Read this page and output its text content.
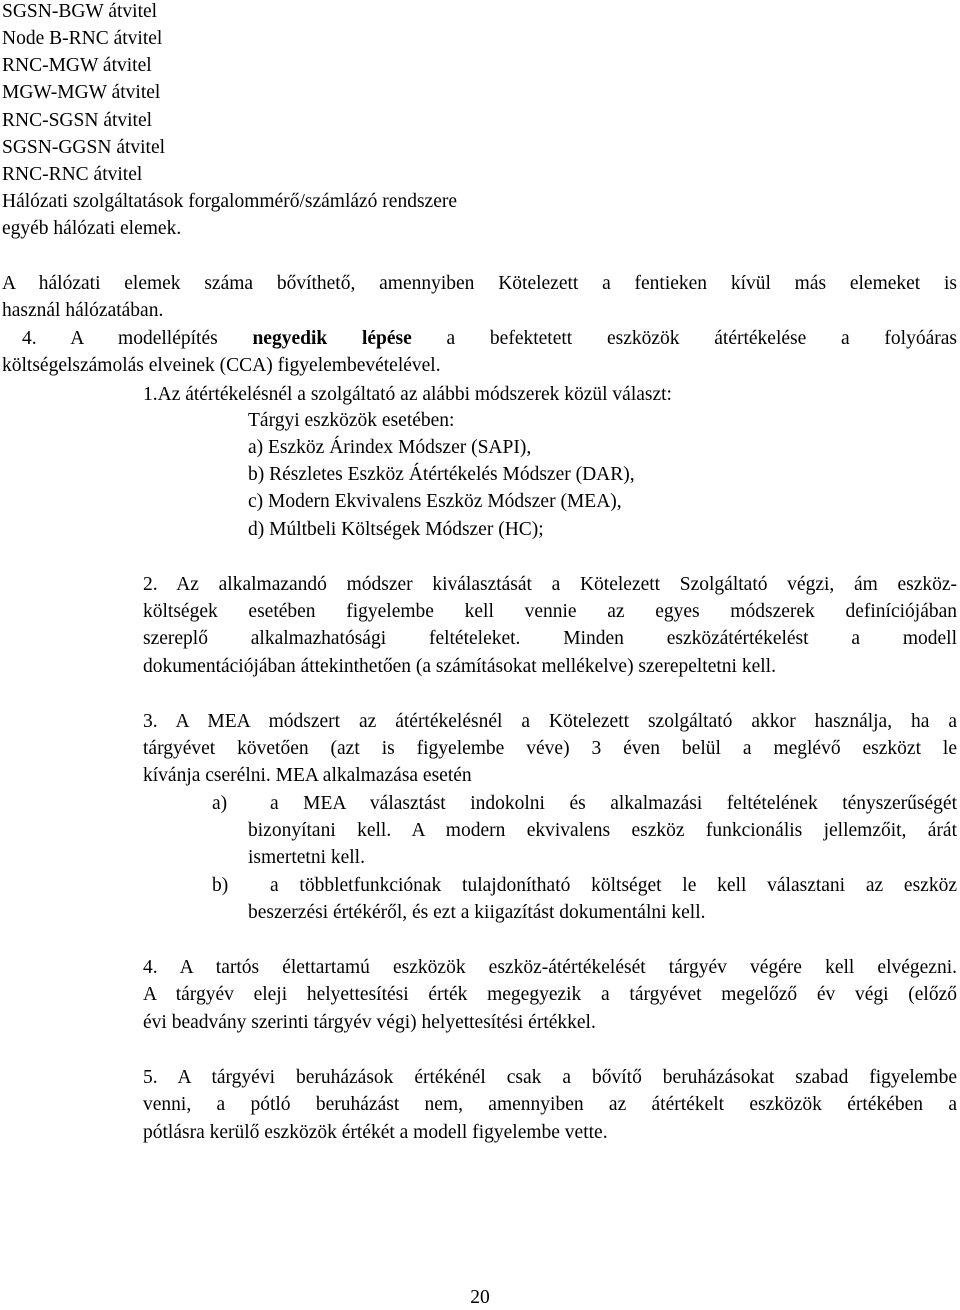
SGSN-BGW átvitel
Node B-RNC átvitel
RNC-MGW átvitel
MGW-MGW átvitel
RNC-SGSN átvitel
SGSN-GGSN átvitel
RNC-RNC átvitel
Hálózati szolgáltatások forgalommérő/számlázó rendszere
egyéb hálózati elemek.
A hálózati elemek száma bővíthető, amennyiben Kötelezett a fentieken kívül más elemeket is
használ hálózatában.
4. A modellépítés negyedik lépése a befektetett eszközök átértékelése a folyóáras
költségelszámolás elveinek (CCA) figyelembevételével.
1.Az átértékelésnél a szolgáltató az alábbi módszerek közül választ:
Tárgyi eszközök esetében:
a) Eszköz Árindex Módszer (SAPI),
b) Részletes Eszköz Átértékelés Módszer (DAR),
c) Modern Ekvivalens Eszköz Módszer (MEA),
d) Múltbeli Költségek Módszer (HC);
2. Az alkalmazandó módszer kiválasztását a Kötelezett Szolgáltató végzi, ám eszköz-
költségek esetében figyelembe kell vennie az egyes módszerek definíciójában
szereplő alkalmazhatósági feltételeket. Minden eszközátértékelést a modell
dokumentációjában áttekinthetően (a számításokat mellékelve) szerepeltetni kell.
3. A MEA módszert az átértékelésnél a Kötelezett szolgáltató akkor használja, ha a
tárgyévet követően (azt is figyelembe véve) 3 éven belül a meglévő eszközt le
kívánja cserélni. MEA alkalmazása esetén
a) a MEA választást indokolni és alkalmazási feltételének tényszerűségét
bizonyítani kell. A modern ekvivalens eszköz funkcionális jellemzőit, árát
ismertetni kell.
b) a többletfunkciónak tulajdonítható költséget le kell választani az eszköz
beszerzési értékéről, és ezt a kiigazítást dokumentálni kell.
4. A tartós élettartamú eszközök eszköz-átértékelését tárgyév végére kell elvégezni.
A tárgyév eleji helyettesítési érték megegyezik a tárgyévet megelőző év végi (előző
évi beadvány szerinti tárgyév végi) helyettesítési értékkel.
5. A tárgyévi beruházások értékénél csak a bővítő beruházásokat szabad figyelembe
venni, a pótló beruházást nem, amennyiben az átértékelt eszközök értékében a
pótlásra kerülő eszközök értékét a modell figyelembe vette.
20
